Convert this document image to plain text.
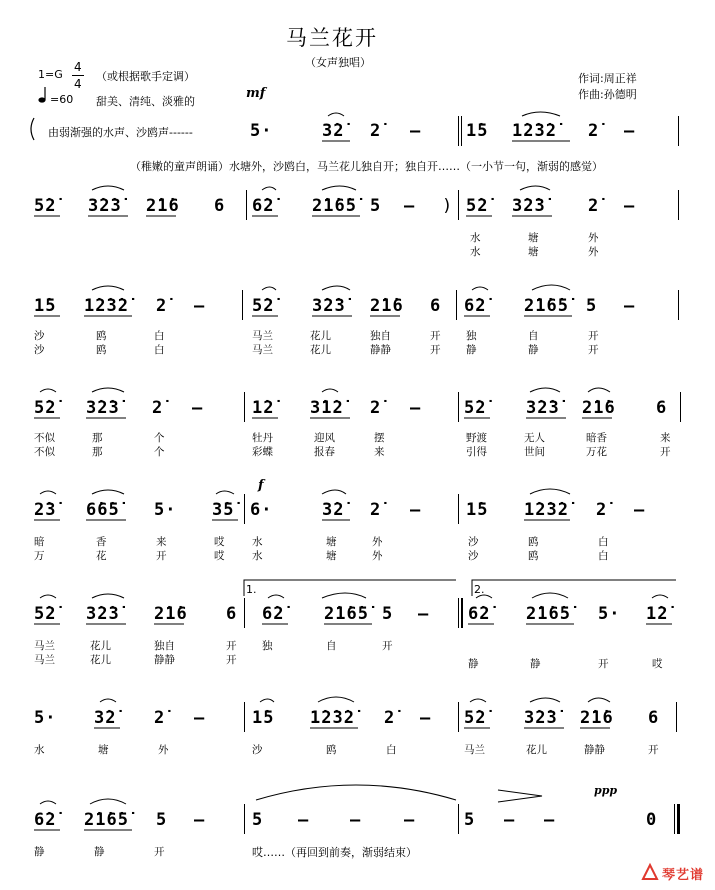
马兰花开
（女声独唱）
作词:周正祥
作曲:孙德明
1=G
4
4
（或根据歌手定调）
=60 甜美、清纯、淡雅的
mf
由弱渐强的水声、沙鸥声------	5·	3̇2̇ 2̇ –	1̇5 1̇2̇3̇2̇ 2̇ –
（稚嫩的童声朗诵）水塘外，沙鸥白，马兰花儿独自开；独自开……（一小节一句，渐弱的感觉）
5̇2̇ 3̇2̇3̇ 2̇1̇6 6 6̇2̇ 2̇1̇6̇5̇ 5 – ) 5̇2̇ 3̇2̇3̇ 2̇ –
水	塘	外
水	塘	外
1̇5 1̇2̇3̇2̇ 2̇ –	5̇2̇ 3̇2̇3̇ 2̇1̇6 6 6̇2̇ 2̇1̇6̇5̇ 5 –
沙	鸥	白	马兰	花儿	独自	开 独	自	开
沙	鸥	白	马兰	花儿	静静	开 静	静	开
5̇2̇ 3̇2̇3̇ 2̇ –	1̇2̇ 3̇1̇2̇ 2̇ –	5̇2̇ 3̇2̇3̇ 2̇1̇6 6
不似	那	个	牡丹	迎风	摆	野渡	无人	暗香	来
不似	那	个	彩蝶	报春	来	引得	世间	万花	开
f
2̇3̇ 6̇6̇5̇ 5· 3̇5̇ 6·	3̇2̇ 2̇ –	1̇5 1̇2̇3̇2̇ 2̇ –
暗	香	来	哎	水	塘	外	沙	鸥	白
万	花	开	哎	水	塘	外	沙	鸥	白
1.	2.
5̇2̇ 3̇2̇3̇ 2̇1̇6 6 6̇2̇ 2̇1̇6̇5̇ 5 – 6̇2̇ 2̇1̇6̇5̇ 5· 1̇2̇
马兰	花儿	独自	开 独	自	开
马兰	花儿	静静	开	静	静	开	哎
5· 3̇2̇ 2̇ –	1̇5 1̇2̇3̇2̇ 2̇ – 5̇2̇ 3̇2̇3̇ 2̇1̇6 6
水	塘	外	沙	鸥	白	马兰	花儿	静静	开
ppp
6̇2̇ 2̇1̇6̇5̇ 5 –	5 – –	–	5 – –	0
静	静	开	哎……（再回到前奏，渐弱结束）
琴艺谱
